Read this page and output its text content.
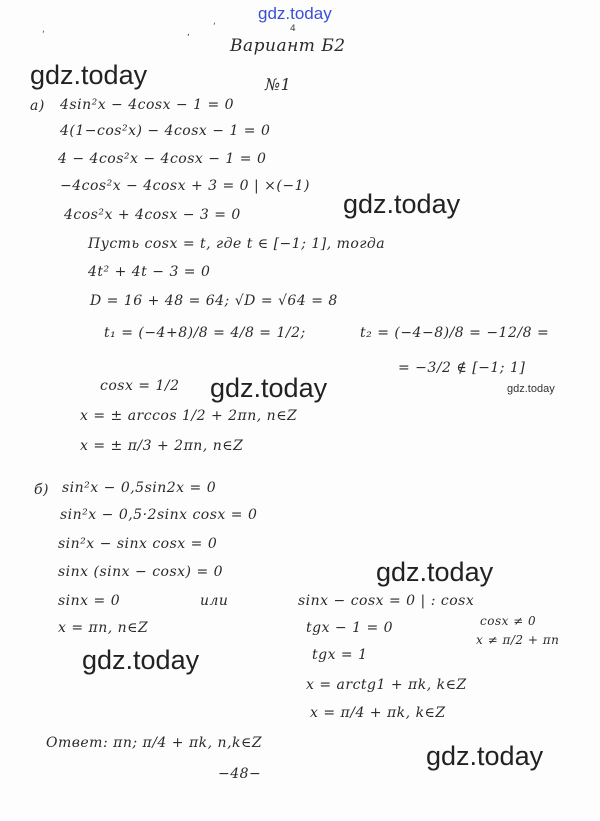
‘	,
‘	4
gdz.today
gdz.today
gdz.today
gdz.today
gdz.today
gdz.today
gdz.today
gdz.today
Вариант Б2
№1
а) 4sin²x − 4cosx − 1 = 0
4(1−cos²x) − 4cosx − 1 = 0
4 − 4cos²x − 4cosx − 1 = 0
−4cos²x − 4cosx + 3 = 0 | ×(−1)
4cos²x + 4cosx − 3 = 0
Пусть cosx = t, где t ∈ [−1; 1], тогда
4t² + 4t − 3 = 0
D = 16 + 48 = 64; √D = √64 = 8
t₁ = (−4+8)/8 = 4/8 = 1/2;	t₂ = (−4−8)/8 = −12/8 =
= −3/2 ∉ [−1; 1]
cosx = 1/2
x = ± arccos 1/2 + 2πn, n∈Z
x = ± π/3 + 2πn, n∈Z
б) sin²x − 0,5sin2x = 0
sin²x − 0,5·2sinx cosx = 0
sin²x − sinx cosx = 0
sinx (sinx − cosx) = 0
sinx = 0	или	sinx − cosx = 0 | : cosx
cosx ≠ 0
x ≠ π/2 + πn
x = πn, n∈Z	tgx − 1 = 0
tgx = 1
x = arctg1 + πk, k∈Z
x = π/4 + πk, k∈Z
Ответ: πn; π/4 + πk, n,k∈Z
−48−
